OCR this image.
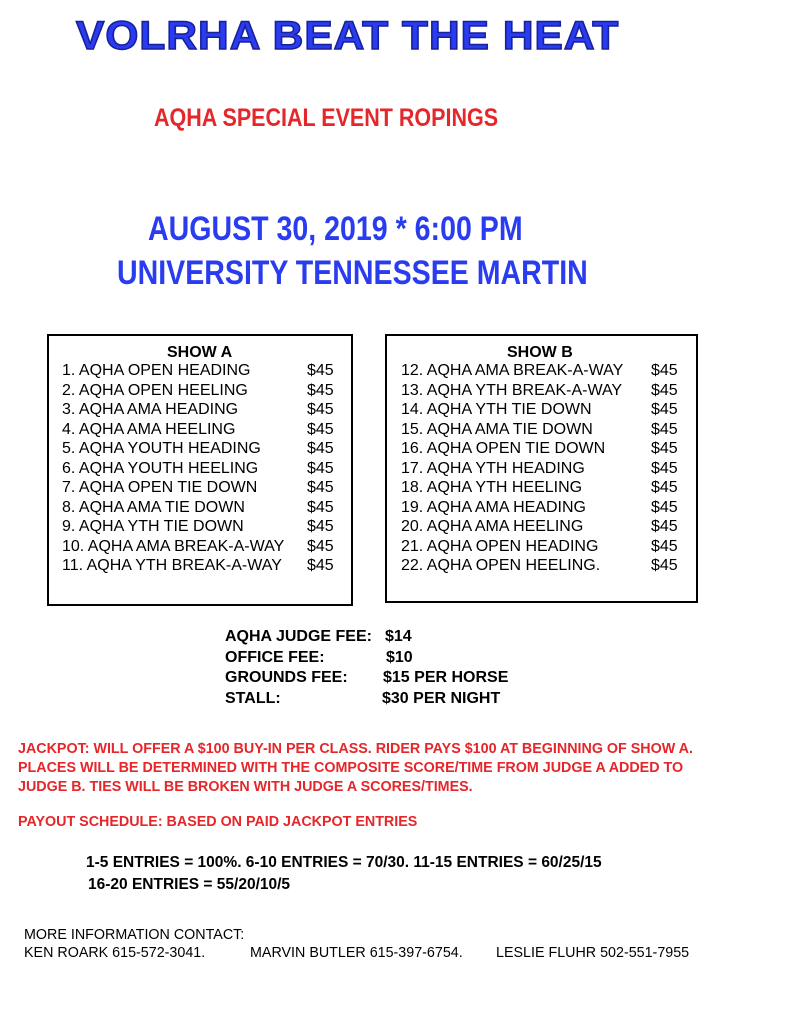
VOLRHA BEAT THE HEAT
AQHA SPECIAL EVENT ROPINGS
AUGUST 30, 2019 * 6:00 PM
UNIVERSITY TENNESSEE MARTIN
SHOW A
1. AQHA OPEN HEADING	$45
2. AQHA OPEN HEELING	$45
3. AQHA AMA HEADING	$45
4. AQHA AMA HEELING	$45
5. AQHA YOUTH HEADING	$45
6. AQHA YOUTH HEELING	$45
7. AQHA OPEN TIE DOWN	$45
8. AQHA AMA TIE DOWN	$45
9. AQHA YTH TIE DOWN	$45
10. AQHA AMA BREAK-A-WAY $45
11. AQHA YTH BREAK-A-WAY $45
SHOW B
12. AQHA AMA BREAK-A-WAY $45
13. AQHA YTH BREAK-A-WAY $45
14. AQHA YTH TIE DOWN	$45
15. AQHA AMA TIE DOWN	$45
16. AQHA OPEN TIE DOWN	$45
17. AQHA YTH HEADING	$45
18. AQHA YTH HEELING	$45
19. AQHA AMA HEADING	$45
20. AQHA AMA HEELING	$45
21. AQHA OPEN HEADING	$45
22. AQHA OPEN HEELING.	$45
AQHA JUDGE FEE: $14
OFFICE FEE:	$10
GROUNDS FEE: $15 PER HORSE
STALL:	$30 PER NIGHT
JACKPOT: WILL OFFER A $100 BUY-IN PER CLASS. RIDER PAYS $100 AT BEGINNING OF SHOW A.
PLACES WILL BE DETERMINED WITH THE COMPOSITE SCORE/TIME FROM JUDGE A ADDED TO
JUDGE B. TIES WILL BE BROKEN WITH JUDGE A SCORES/TIMES.
PAYOUT SCHEDULE: BASED ON PAID JACKPOT ENTRIES
1-5 ENTRIES = 100%. 6-10 ENTRIES = 70/30. 11-15 ENTRIES = 60/25/15
16-20 ENTRIES = 55/20/10/5
MORE INFORMATION CONTACT:
KEN ROARK 615-572-3041.	MARVIN BUTLER 615-397-6754. LESLIE FLUHR 502-551-7955
